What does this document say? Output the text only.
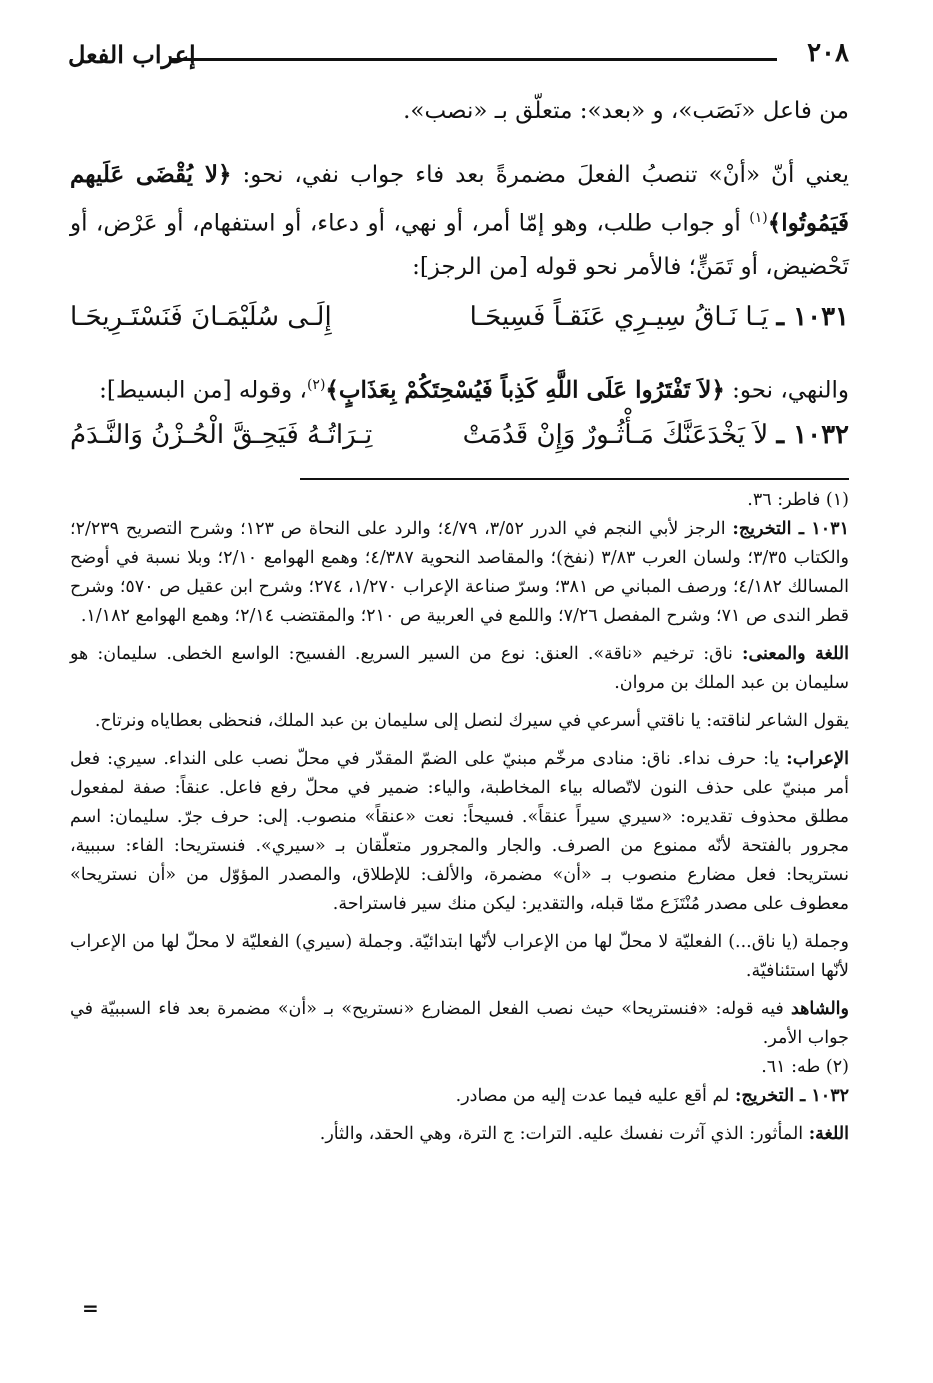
إعراب الفعل	٢٠٨
من فاعل «نَصَب»، و «بعد»: متعلّق بـ «نصب».
يعني أنّ «أنْ» تنصبُ الفعلَ مضمرةً بعد فاء جواب نفي، نحو: ﴿لا يُقْضَى عَلَيهم فَيَمُوتُوا﴾$^{(١)}$ أو جواب طلب، وهو إمّا أمر، أو نهي، أو دعاء، أو استفهام، أو عَرْض، أو تَحْضيض، أو تَمَنٍّ؛ فالأمر نحو قوله [من الرجز]:
١٠٣١ ـ يَـا نَـاقُ سِيـرِي عَنَقـاً فَسِيحَـا
إِلَـى سُلَيْمَـانَ فَنَسْتَـرِيحَـا
والنهي، نحو: ﴿لاَ تَفْتَرُوا عَلَى اللَّهِ كَذِباً فَيُسْحِتَكُمْ بِعَذَابٍ﴾$^{(٢)}$، وقوله [من البسيط]:
١٠٣٢ ـ لاَ يَخْدَعَنَّكَ مَـأْثُـورٌ وَإِنْ قَدُمَتْ
تِـرَاتُـهُ فَيَحِـقَّ الْحُـزْنُ وَالنَّـدَمُ

(١) فاطر: ٣٦.

١٠٣١ ـ التخريج: الرجز لأبي النجم في الدرر ٣/٥٢، ٤/٧٩؛ والرد على النحاة ص ١٢٣؛ وشرح التصريح ٢/٢٣٩؛ والكتاب ٣/٣٥؛ ولسان العرب ٣/٨٣ (نفخ)؛ والمقاصد النحوية ٤/٣٨٧؛ وهمع الهوامع ٢/١٠؛ وبلا نسبة في أوضح المسالك ٤/١٨٢؛ ورصف المباني ص ٣٨١؛ وسرّ صناعة الإعراب ١/٢٧٠، ٢٧٤؛ وشرح ابن عقيل ص ٥٧٠؛ وشرح قطر الندى ص ٧١؛ وشرح المفصل ٧/٢٦؛ واللمع في العربية ص ٢١٠؛ والمقتضب ٢/١٤؛ وهمع الهوامع ١/١٨٢.

اللغة والمعنى: ناق: ترخيم «ناقة». العنق: نوع من السير السريع. الفسيح: الواسع الخطى. سليمان: هو سليمان بن عبد الملك بن مروان.

يقول الشاعر لناقته: يا ناقتي أسرعي في سيرك لنصل إلى سليمان بن عبد الملك، فنحظى بعطاياه ونرتاح.

الإعراب: يا: حرف نداء. ناق: منادى مرخّم مبنيّ على الضمّ المقدّر في محلّ نصب على النداء. سيري: فعل أمر مبنيّ على حذف النون لاتّصاله بياء المخاطبة، والياء: ضمير في محلّ رفع فاعل. عنقاً: صفة لمفعول مطلق محذوف تقديره: «سيري سيراً عنقاً». فسيحاً: نعت «عنقاً» منصوب. إلى: حرف جرّ. سليمان: اسم مجرور بالفتحة لأنّه ممنوع من الصرف. والجار والمجرور متعلّقان بـ «سيري». فنستريحا: الفاء: سببية، نستريحا: فعل مضارع منصوب بـ «أن» مضمرة، والألف: للإطلاق، والمصدر المؤوّل من «أن نستريحا» معطوف على مصدر مُنْتَزَع ممّا قبله، والتقدير: ليكن منك سير فاستراحة.

وجملة (يا ناق...) الفعليّة لا محلّ لها من الإعراب لأنّها ابتدائيّة. وجملة (سيري) الفعليّة لا محلّ لها من الإعراب لأنّها استئنافيّة.

والشاهد فيه قوله: «فنستريحا» حيث نصب الفعل المضارع «نستريح» بـ «أن» مضمرة بعد فاء السببيّة في جواب الأمر.

(٢) طه: ٦١.

١٠٣٢ ـ التخريج: لم أقع عليه فيما عدت إليه من مصادر.

اللغة: المأثور: الذي آثرت نفسك عليه. الترات: ج الترة، وهي الحقد، والثأر.

=
